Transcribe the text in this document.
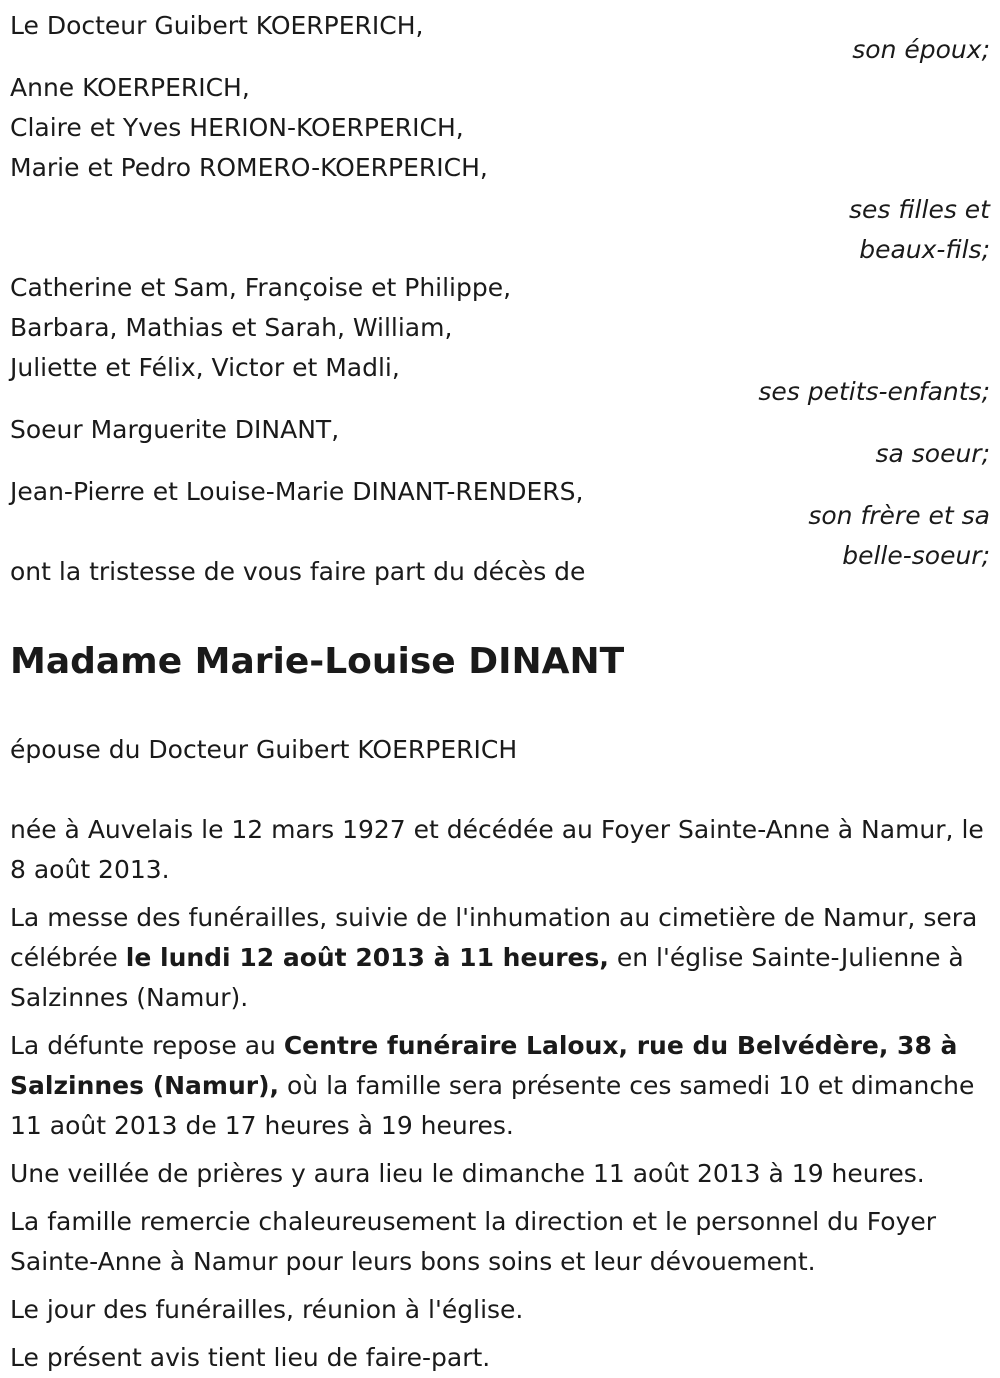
Le Docteur Guibert KOERPERICH,

son époux;

Anne KOERPERICH,

Claire et Yves HERION-KOERPERICH,

Marie et Pedro ROMERO-KOERPERICH,

ses filles et

beaux-fils;

Catherine et Sam, Françoise et Philippe,

Barbara, Mathias et Sarah, William,

Juliette et Félix, Victor et Madli,

ses petits-enfants;

Soeur Marguerite DINANT,

sa soeur;

Jean-Pierre et Louise-Marie DINANT-RENDERS,

son frère et sa

belle-soeur;

ont la tristesse de vous faire part du décès de

Madame Marie-Louise DINANT

épouse du Docteur Guibert KOERPERICH

née à Auvelais le 12 mars 1927 et décédée au Foyer Sainte-Anne à Namur, le 8 août 2013.

La messe des funérailles, suivie de l'inhumation au cimetière de Namur, sera célébrée le lundi 12 août 2013 à 11 heures, en l'église Sainte-Julienne à Salzinnes (Namur).

La défunte repose au Centre funéraire Laloux, rue du Belvédère, 38 à Salzinnes (Namur), où la famille sera présente ces samedi 10 et dimanche 11 août 2013 de 17 heures à 19 heures.

Une veillée de prières y aura lieu le dimanche 11 août 2013 à 19 heures.

La famille remercie chaleureusement la direction et le personnel du Foyer Sainte-Anne à Namur pour leurs bons soins et leur dévouement.

Le jour des funérailles, réunion à l'église.

Le présent avis tient lieu de faire-part.
